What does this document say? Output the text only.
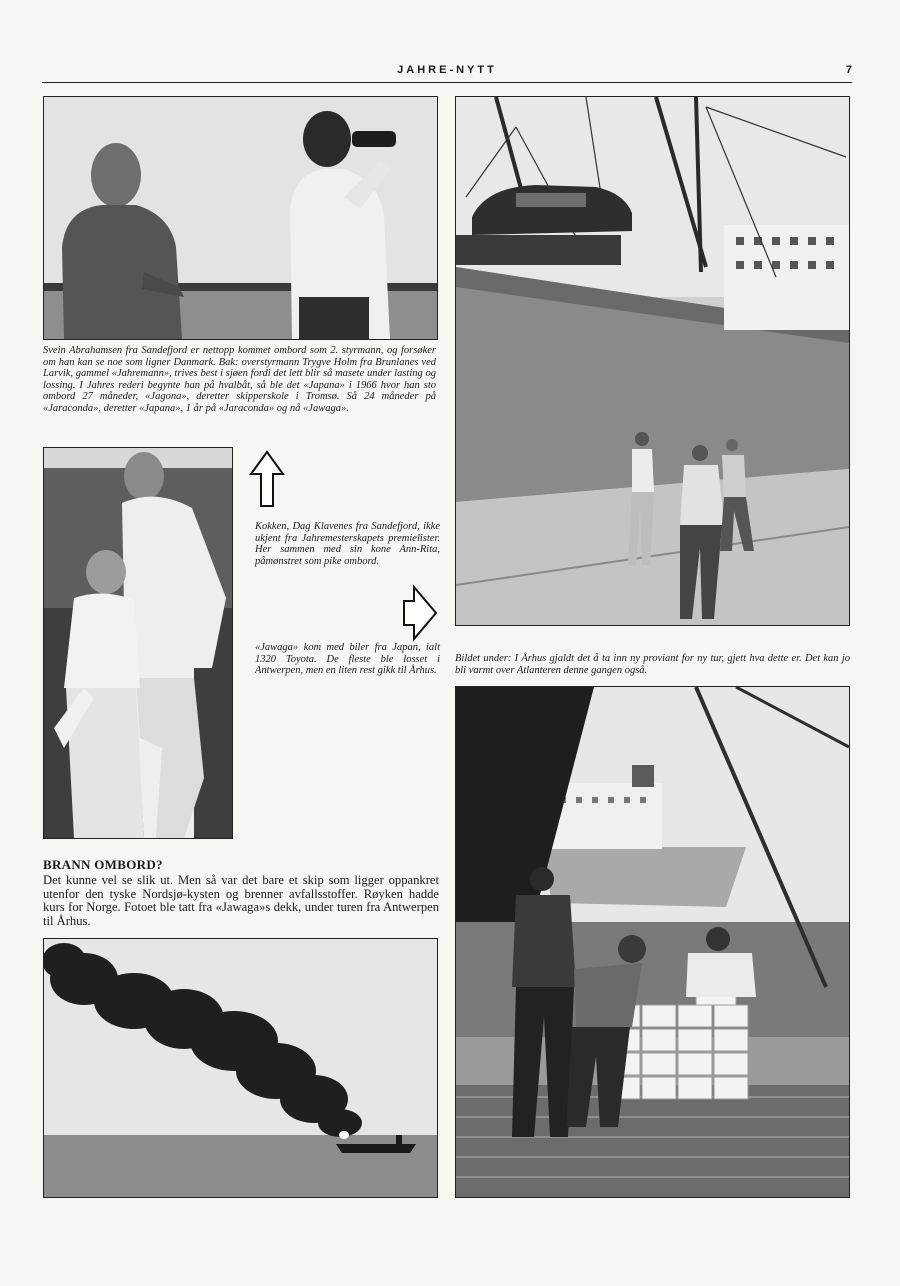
JAHRE-NYTT	7

Svein Abrahamsen fra Sandefjord er nettopp kommet ombord som 2. styrmann, og forsøker om han kan se noe som ligner Danmark. Bak: overstyrmann Trygve Holm fra Brunlanes ved Larvik, gammel «Jahremann», trives best i sjøen fordi det lett blir så masete under lasting og lossing. I Jahres rederi begynte han på hvalbåt, så ble det «Japana» i 1966 hvor han sto ombord 27 måneder, «Jagona», deretter skipperskole i Tromsø. Så 24 måneder på «Jaraconda», deretter «Japana», 1 år på «Jaraconda» og nå «Jawaga».

Kokken, Dag Klavenes fra Sandefjord, ikke ukjent fra Jahremesterskapets premielister. Her sammen med sin kone Ann-Rita, påmønstret som pike ombord.

«Jawaga» kom med biler fra Japan, ialt 1320 Toyota. De fleste ble losset i Antwerpen, men en liten rest gikk til Århus.

Bildet under: I Århus gjaldt det å ta inn ny proviant for ny tur, gjett hva dette er. Det kan jo bli varmt over Atlanteren denne gangen også.

BRANN OMBORD?

Det kunne vel se slik ut. Men så var det bare et skip som ligger oppankret utenfor den tyske Nordsjø-kysten og brenner avfallsstoffer. Røyken hadde kurs for Norge. Fotoet ble tatt fra «Jawaga»s dekk, under turen fra Antwerpen til Århus.
